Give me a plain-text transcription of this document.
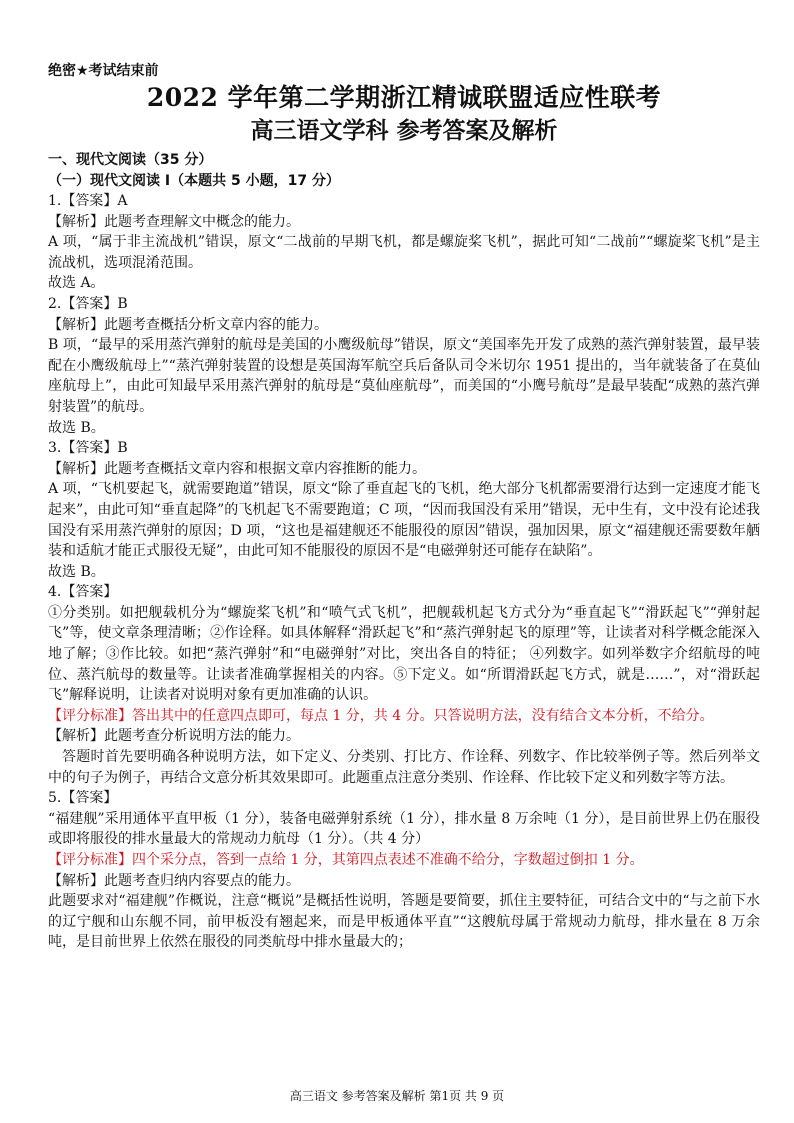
绝密★考试结束前

2022 学年第二学期浙江精诚联盟适应性联考

高三语文学科 参考答案及解析

一、现代文阅读（35 分）

（一）现代文阅读 I（本题共 5 小题，17 分）

1.【答案】A

【解析】此题考查理解文中概念的能力。

A 项，“属于非主流战机”错误，原文“二战前的早期飞机，都是螺旋桨飞机”，据此可知“二战前”“螺旋桨飞机”是主流战机，选项混淆范围。

故选 A。

2.【答案】B

【解析】此题考查概括分析文章内容的能力。

B 项，“最早的采用蒸汽弹射的航母是美国的小鹰级航母”错误，原文“美国率先开发了成熟的蒸汽弹射装置，最早装配在小鹰级航母上”“蒸汽弹射装置的设想是英国海军航空兵后备队司令米切尔 1951 提出的，当年就装备了在莫仙座航母上”，由此可知最早采用蒸汽弹射的航母是“莫仙座航母”，而美国的“小鹰号航母”是最早装配“成熟的蒸汽弹射装置”的航母。

故选 B。

3.【答案】B

【解析】此题考查概括文章内容和根据文章内容推断的能力。

A 项，“飞机要起飞，就需要跑道”错误，原文“除了垂直起飞的飞机，绝大部分飞机都需要滑行达到一定速度才能飞起来”，由此可知“垂直起降”的飞机起飞不需要跑道；C 项，“因而我国没有采用”错误，无中生有，文中没有论述我国没有采用蒸汽弹射的原因；D 项，“这也是福建舰还不能服役的原因”错误，强加因果，原文“福建舰还需要数年舾装和适航才能正式服役无疑”，由此可知不能服役的原因不是“电磁弹射还可能存在缺陷”。

故选 B。

4.【答案】

①分类别。如把舰载机分为“螺旋桨飞机”和“喷气式飞机”，把舰载机起飞方式分为“垂直起飞”“滑跃起飞”“弹射起飞”等，使文章条理清晰；②作诠释。如具体解释“滑跃起飞”和“蒸汽弹射起飞的原理”等，让读者对科学概念能深入地了解；③作比较。如把“蒸汽弹射”和“电磁弹射”对比，突出各自的特征； ④列数字。如列举数字介绍航母的吨位、蒸汽航母的数量等。让读者准确掌握相关的内容。⑤下定义。如“所谓滑跃起飞方式，就是……”，对“滑跃起飞”解释说明，让读者对说明对象有更加准确的认识。

【评分标准】答出其中的任意四点即可，每点 1 分，共 4 分。只答说明方法，没有结合文本分析，不给分。

【解析】此题考查分析说明方法的能力。

答题时首先要明确各种说明方法，如下定义、分类别、打比方、作诠释、列数字、作比较举例子等。然后列举文中的句子为例子，再结合文意分析其效果即可。此题重点注意分类别、作诠释、作比较下定义和列数字等方法。

5.【答案】

“福建舰”采用通体平直甲板（1 分），装备电磁弹射系统（1 分），排水量 8 万余吨（1 分），是目前世界上仍在服役或即将服役的排水量最大的常规动力航母（1 分）。（共 4 分）

【评分标准】四个采分点，答到一点给 1 分，其第四点表述不准确不给分，字数超过倒扣 1 分。

【解析】此题考查归纳内容要点的能力。

此题要求对“福建舰”作概说，注意“概说”是概括性说明，答题是要简要，抓住主要特征，可结合文中的“与之前下水的辽宁舰和山东舰不同，前甲板没有翘起来，而是甲板通体平直”“这艘航母属于常规动力航母，排水量在 8 万余吨，是目前世界上依然在服役的同类航母中排水量最大的；

高三语文 参考答案及解析 第1页 共 9 页
